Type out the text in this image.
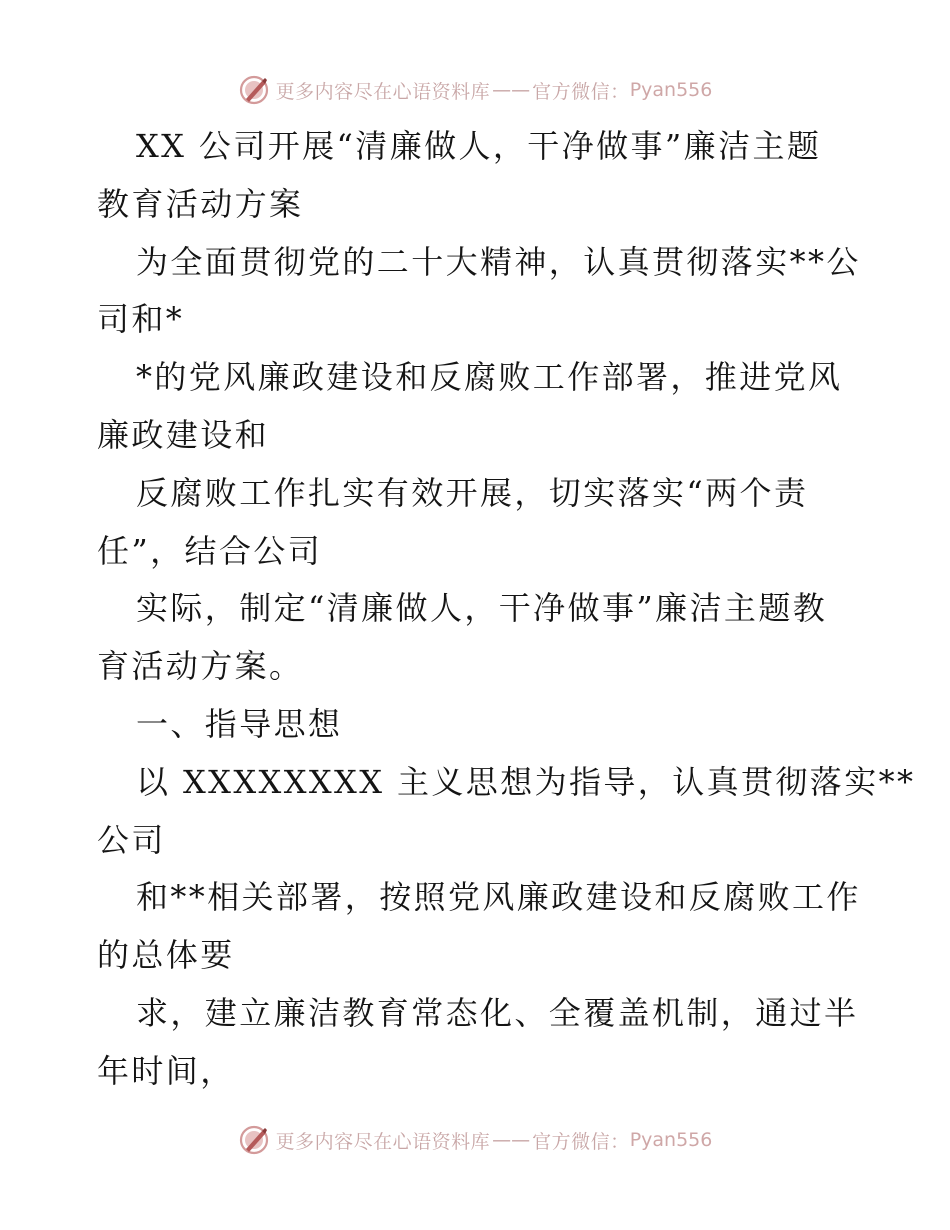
更多内容尽在心语资料库 —— 官方微信： Pyan556
XX 公司开展“清廉做人，干净做事”廉洁主题
教育活动方案
为全面贯彻党的二十大精神，认真贯彻落实**公
司和*
*的党风廉政建设和反腐败工作部署，推进党风
廉政建设和
反腐败工作扎实有效开展，切实落实“两个责
任”，结合公司
实际，制定“清廉做人，干净做事”廉洁主题教
育活动方案。
一、指导思想
以 XXXXXXXX 主义思想为指导，认真贯彻落实**
公司
和**相关部署，按照党风廉政建设和反腐败工作
的总体要
求，建立廉洁教育常态化、全覆盖机制，通过半
年时间，
更多内容尽在心语资料库 —— 官方微信： Pyan556
